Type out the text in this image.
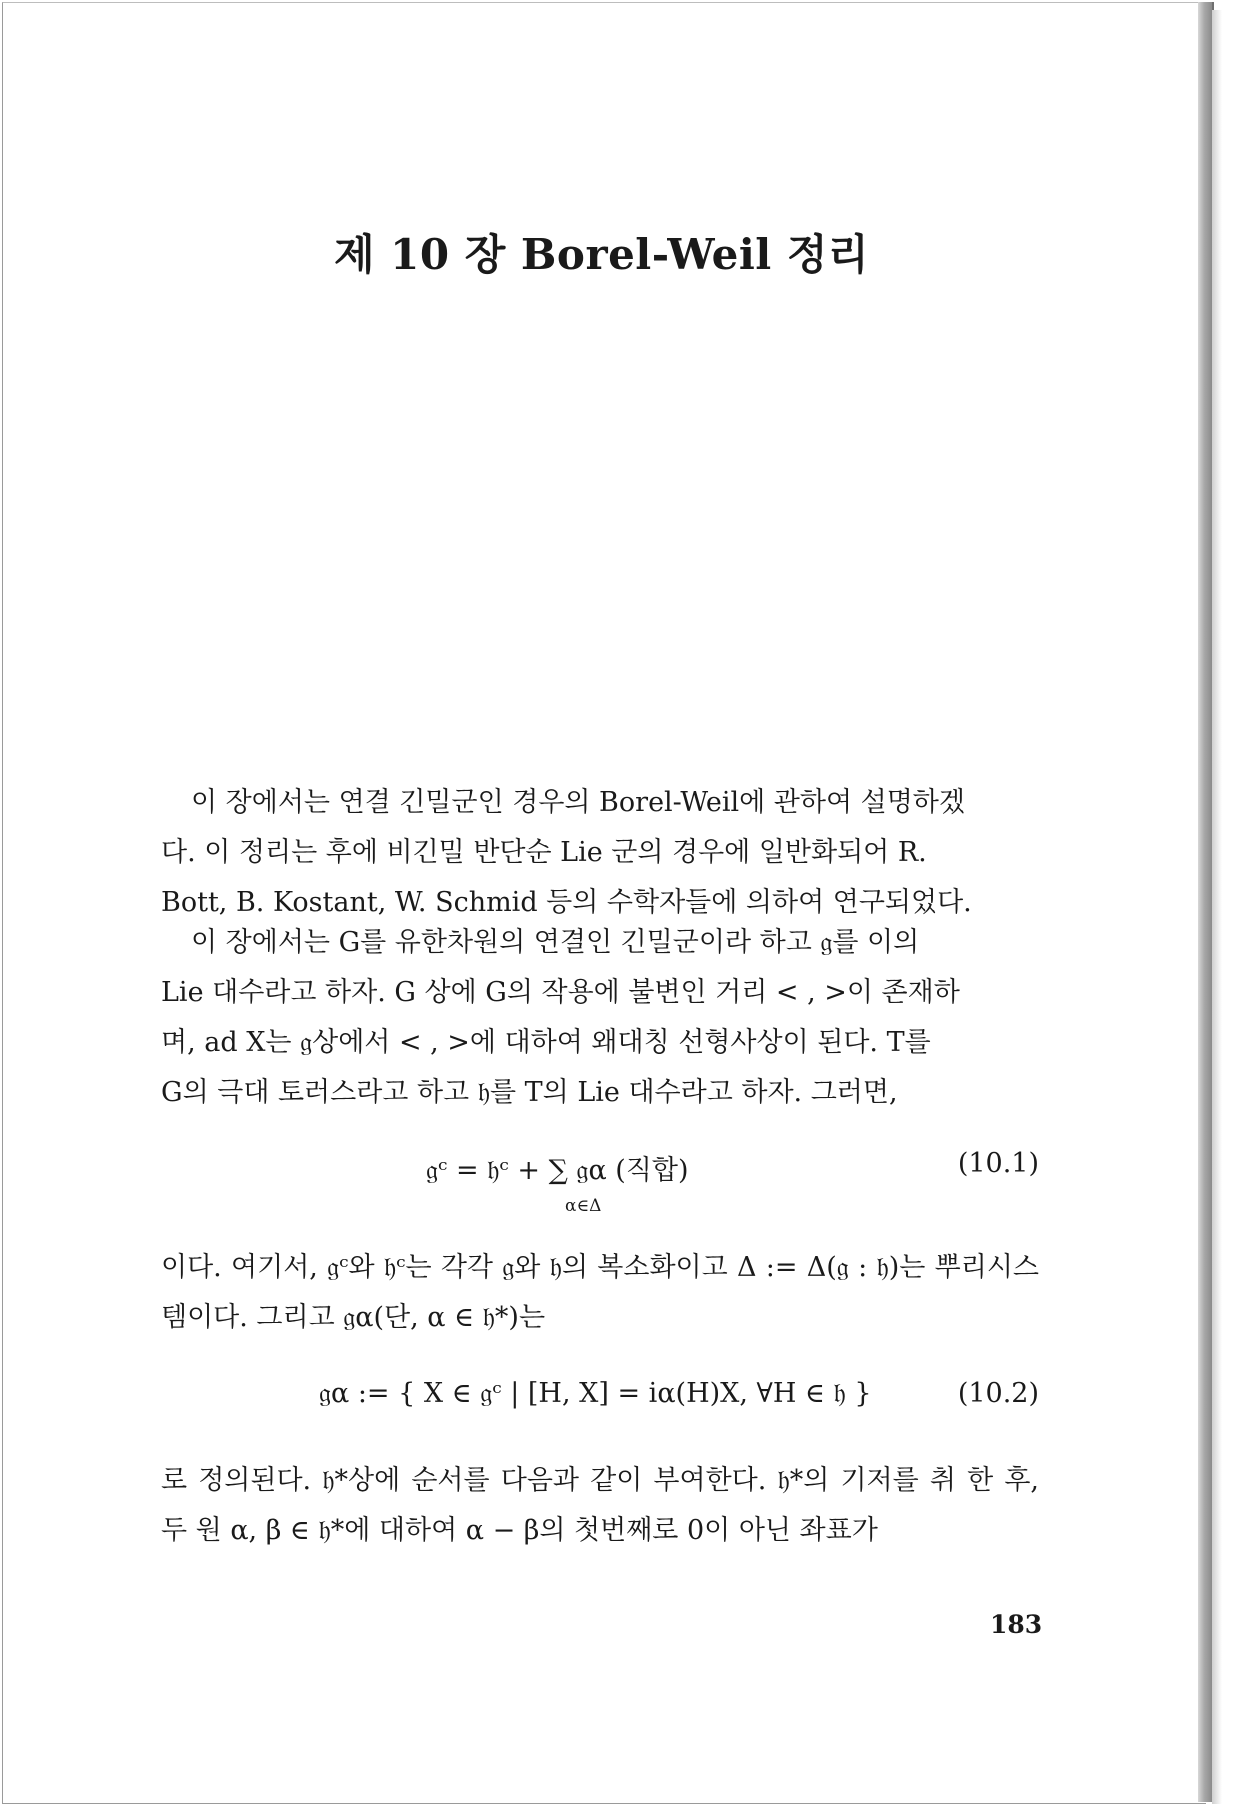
제 10 장 Borel-Weil 정리
이 장에서는 연결 긴밀군인 경우의 Borel-Weil에 관하여 설명하겠
다. 이 정리는 후에 비긴밀 반단순 Lie 군의 경우에 일반화되어 R.
Bott, B. Kostant, W. Schmid 등의 수학자들에 의하여 연구되었다.
이 장에서는 G를 유한차원의 연결인 긴밀군이라 하고 𝔤를 이의
Lie 대수라고 하자. G 상에 G의 작용에 불변인 거리 < , >이 존재하
며, ad X는 𝔤상에서 < , >에 대하여 왜대칭 선형사상이 된다. T를
G의 극대 토러스라고 하고 𝔥를 T의 Lie 대수라고 하자. 그러면,
𝔤ᶜ = 𝔥ᶜ + ∑ 𝔤α (직합)
α∈Δ
(10.1)
이다. 여기서, 𝔤ᶜ와 𝔥ᶜ는 각각 𝔤와 𝔥의 복소화이고 Δ := Δ(𝔤 : 𝔥)는 뿌리시스템이다. 그리고 𝔤α(단, α ∈ 𝔥*)는
𝔤α := { X ∈ 𝔤ᶜ | [H, X] = iα(H)X, ∀H ∈ 𝔥 }	(10.2)
로 정의된다. 𝔥*상에 순서를 다음과 같이 부여한다. 𝔥*의 기저를 취 한 후, 두 원 α, β ∈ 𝔥*에 대하여 α − β의 첫번째로 0이 아닌 좌표가
183
